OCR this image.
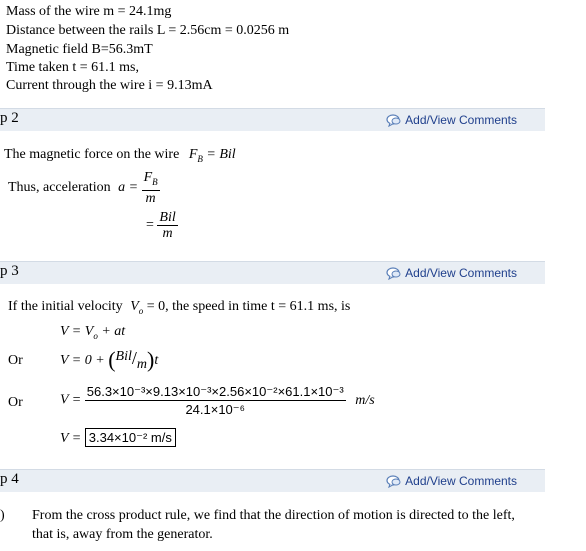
Mass of the wire m = 24.1mg
Distance between the rails L = 2.56cm = 0.0256 m
Magnetic field B=56.3mT
Time taken t = 61.1 ms,
Current through the wire i = 9.13mA
p 2	Add/View Comments
The magnetic force on the wire $F_B$ = Bil
Thus, acceleration $a = \frac{F_B}{m}$
= $\frac{\text{Bil}}{m}$
p 3	Add/View Comments
If the initial velocity $V_o = 0$, the speed in time t = 61.1 ms, is
$V = V_o$ + at
Or	V = 0 + (Bil/m)t
Or	$V = \frac{\text{56.3×10⁻³×9.13×10⁻³×2.56×10⁻²×61.1×10⁻³}}{\text{24.1×10⁻⁶}} m/s$
V = 3.34×10⁻² m/s
p 4	Add/View Comments
) From the cross product rule, we find that the direction of motion is directed to the left,
that is, away from the generator.
